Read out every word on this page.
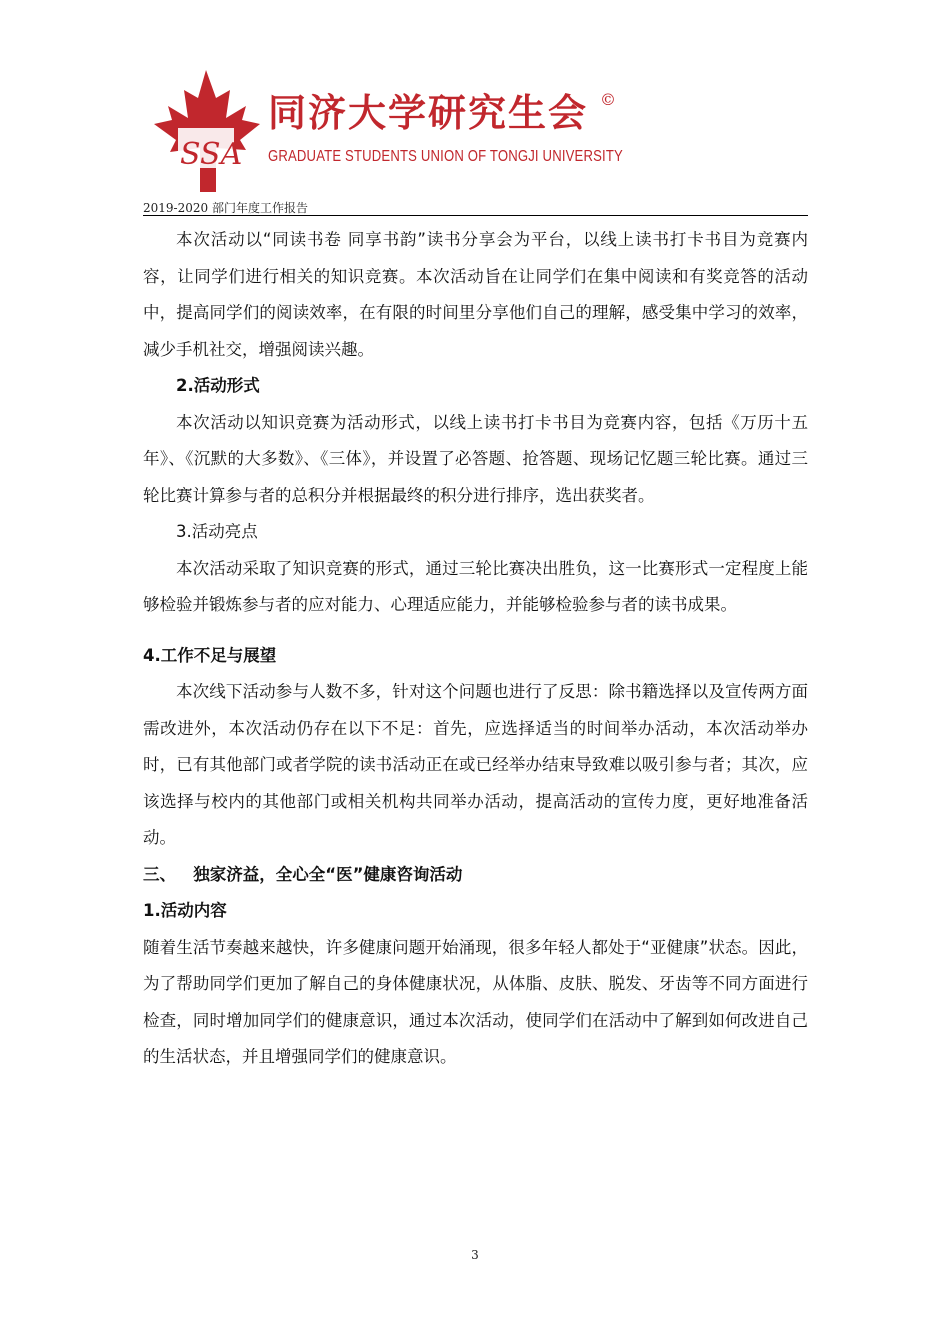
SSA
同济大学研究生会 ©
GRADUATE STUDENTS UNION OF TONGJI UNIVERSITY
2019-2020 部门年度工作报告

本次活动以“同读书卷 同享书韵”读书分享会为平台，以线上读书打卡书目为竞赛内容，让同学们进行相关的知识竞赛。本次活动旨在让同学们在集中阅读和有奖竞答的活动中，提高同学们的阅读效率，在有限的时间里分享他们自己的理解，感受集中学习的效率，减少手机社交，增强阅读兴趣。

2.活动形式

本次活动以知识竞赛为活动形式，以线上读书打卡书目为竞赛内容，包括《万历十五年》、《沉默的大多数》、《三体》，并设置了必答题、抢答题、现场记忆题三轮比赛。通过三轮比赛计算参与者的总积分并根据最终的积分进行排序，选出获奖者。

3.活动亮点

本次活动采取了知识竞赛的形式，通过三轮比赛决出胜负，这一比赛形式一定程度上能够检验并锻炼参与者的应对能力、心理适应能力，并能够检验参与者的读书成果。

4.工作不足与展望

本次线下活动参与人数不多，针对这个问题也进行了反思：除书籍选择以及宣传两方面需改进外，本次活动仍存在以下不足：首先，应选择适当的时间举办活动，本次活动举办时，已有其他部门或者学院的读书活动正在或已经举办结束导致难以吸引参与者；其次，应该选择与校内的其他部门或相关机构共同举办活动，提高活动的宣传力度，更好地准备活动。

三、   独家济益，全心全“医”健康咨询活动

1.活动内容

随着生活节奏越来越快，许多健康问题开始涌现，很多年轻人都处于“亚健康”状态。因此，为了帮助同学们更加了解自己的身体健康状况，从体脂、皮肤、脱发、牙齿等不同方面进行检查，同时增加同学们的健康意识，通过本次活动，使同学们在活动中了解到如何改进自己的生活状态，并且增强同学们的健康意识。

3
